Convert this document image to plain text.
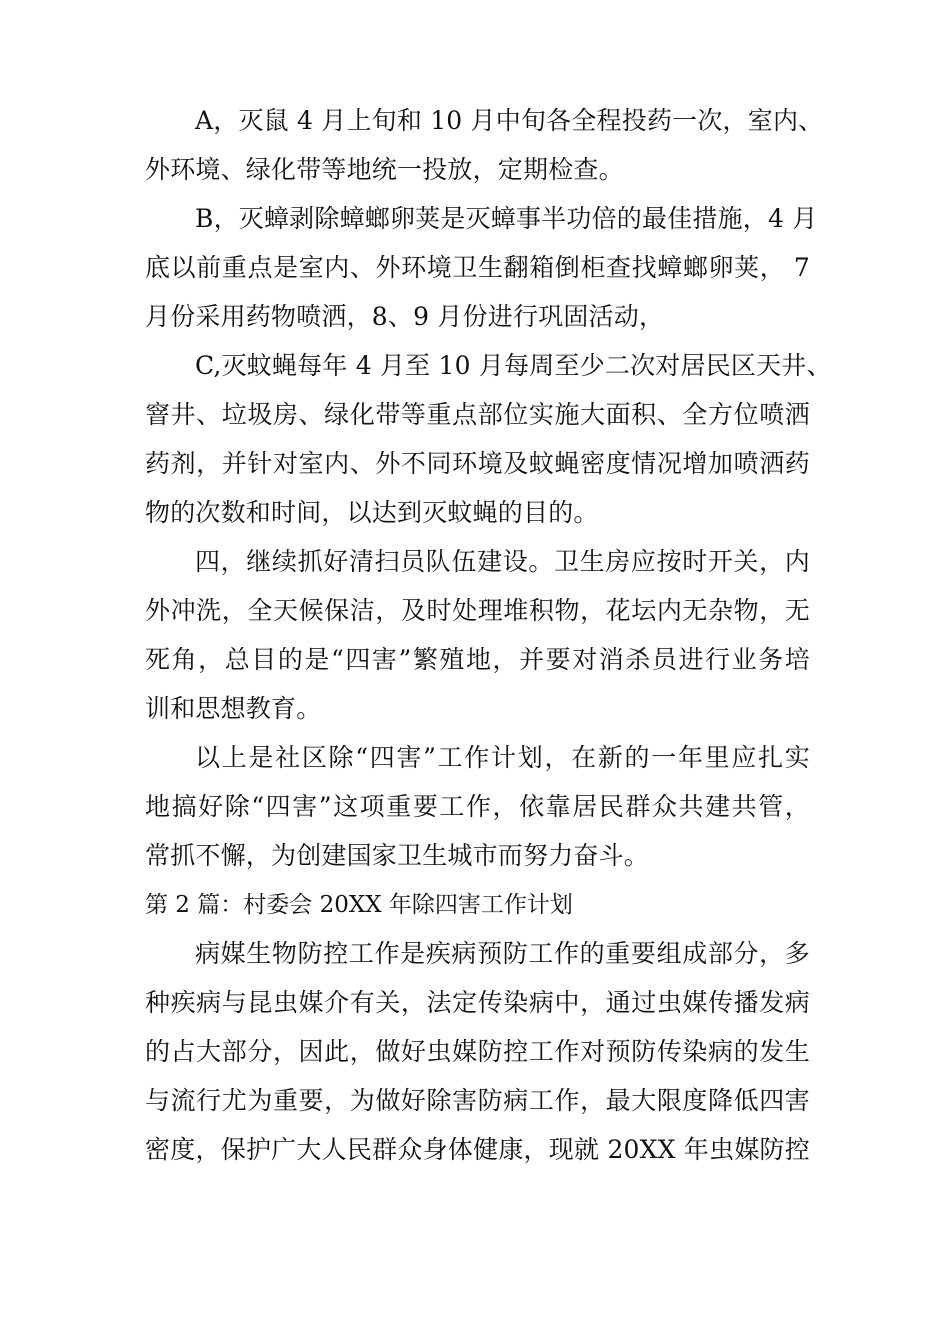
A，灭鼠 4 月上旬和 10 月中旬各全程投药一次，室内、
外环境、绿化带等地统一投放，定期检查。
B，灭蟑剥除蟑螂卵荚是灭蟑事半功倍的最佳措施，4 月
底以前重点是室内、外环境卫生翻箱倒柜查找蟑螂卵荚， 7
月份采用药物喷洒，8、9 月份进行巩固活动，
C,灭蚊蝇每年 4 月至 10 月每周至少二次对居民区天井、
窨井、垃圾房、绿化带等重点部位实施大面积、全方位喷洒
药剂，并针对室内、外不同环境及蚊蝇密度情况增加喷洒药
物的次数和时间，以达到灭蚊蝇的目的。
四，继续抓好清扫员队伍建设。卫生房应按时开关，内
外冲洗，全天候保洁，及时处理堆积物，花坛内无杂物，无
死角，总目的是“四害”繁殖地，并要对消杀员进行业务培
训和思想教育。
以上是社区除“四害”工作计划，在新的一年里应扎实
地搞好除“四害”这项重要工作，依靠居民群众共建共管，
常抓不懈，为创建国家卫生城市而努力奋斗。
第 2 篇：村委会 20XX 年除四害工作计划
病媒生物防控工作是疾病预防工作的重要组成部分，多
种疾病与昆虫媒介有关，法定传染病中，通过虫媒传播发病
的占大部分，因此，做好虫媒防控工作对预防传染病的发生
与流行尤为重要，为做好除害防病工作，最大限度降低四害
密度，保护广大人民群众身体健康，现就 20XX 年虫媒防控
